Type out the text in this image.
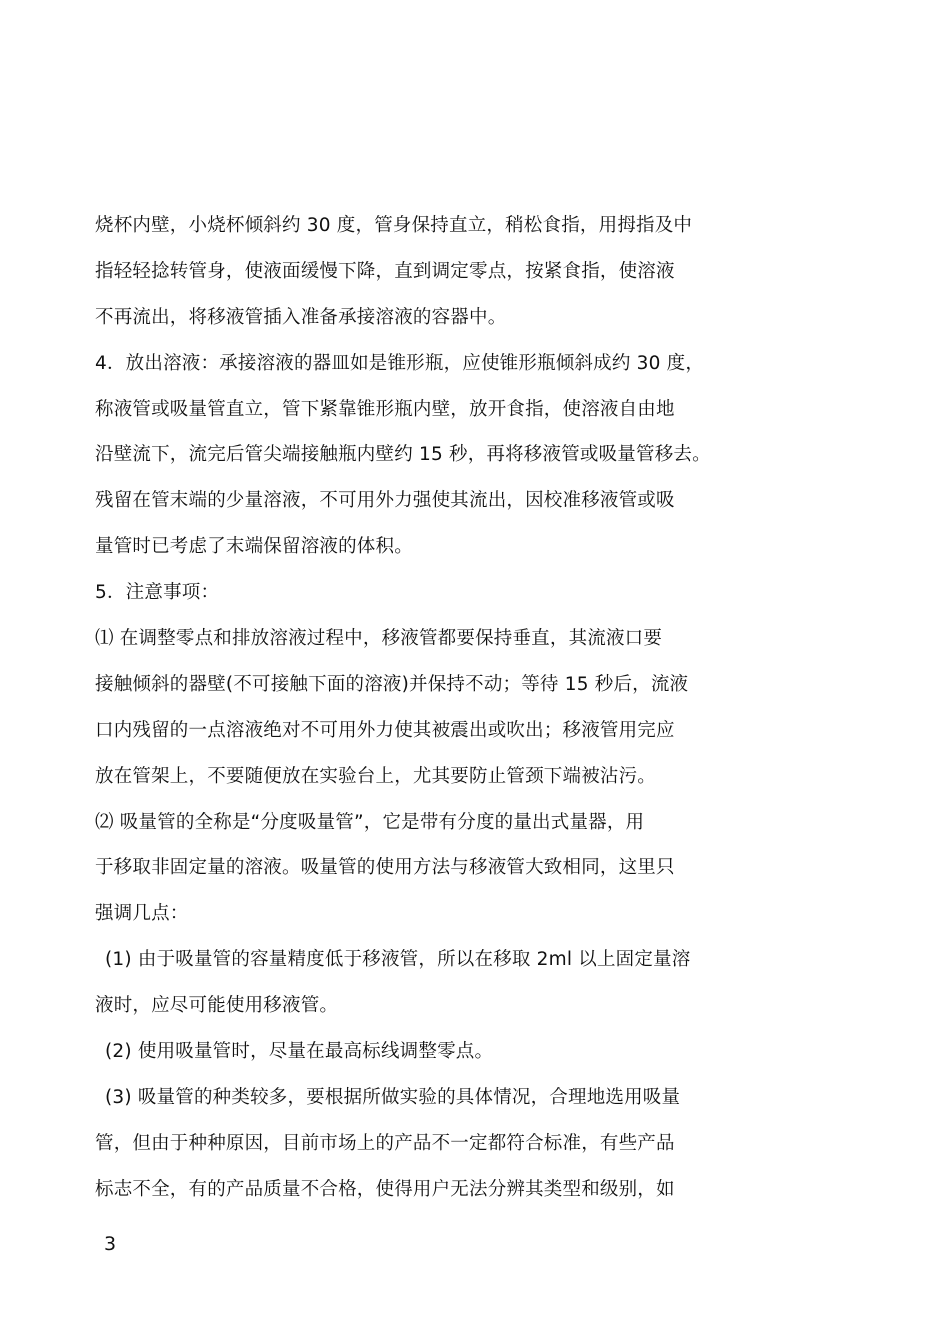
烧杯内壁，小烧杯倾斜约 30 度，管身保持直立，稍松食指，用拇指及中
指轻轻捻转管身，使液面缓慢下降，直到调定零点，按紧食指，使溶液
不再流出，将移液管插入准备承接溶液的容器中。
4．放出溶液：承接溶液的器皿如是锥形瓶，应使锥形瓶倾斜成约 30 度，
称液管或吸量管直立，管下紧靠锥形瓶内壁，放开食指，使溶液自由地
沿壁流下，流完后管尖端接触瓶内壁约 15 秒，再将移液管或吸量管移去。
残留在管末端的少量溶液，不可用外力强使其流出，因校准移液管或吸
量管时已考虑了末端保留溶液的体积。
5．注意事项：
⑴ 在调整零点和排放溶液过程中，移液管都要保持垂直，其流液口要
接触倾斜的器壁(不可接触下面的溶液)并保持不动；等待 15 秒后，流液
口内残留的一点溶液绝对不可用外力使其被震出或吹出；移液管用完应
放在管架上，不要随便放在实验台上，尤其要防止管颈下端被沾污。
⑵ 吸量管的全称是“分度吸量管”，它是带有分度的量出式量器，用
于移取非固定量的溶液。吸量管的使用方法与移液管大致相同，这里只
强调几点：
(1) 由于吸量管的容量精度低于移液管，所以在移取 2ml 以上固定量溶
液时，应尽可能使用移液管。
(2) 使用吸量管时，尽量在最高标线调整零点。
(3) 吸量管的种类较多，要根据所做实验的具体情况，合理地选用吸量
管，但由于种种原因，目前市场上的产品不一定都符合标准，有些产品
标志不全，有的产品质量不合格，使得用户无法分辨其类型和级别，如
3
